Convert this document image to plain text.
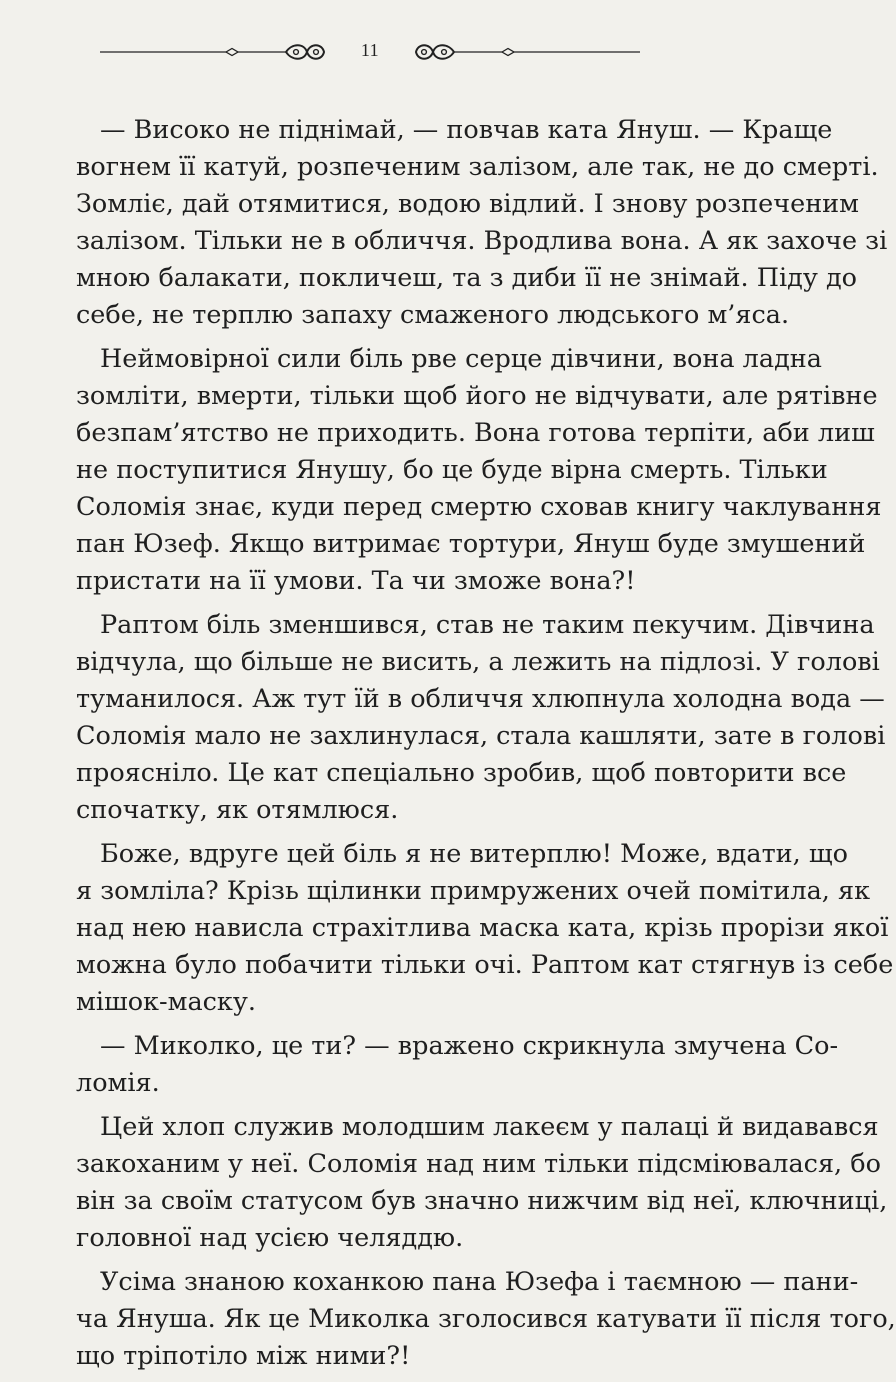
11
— Високо не піднімай, — повчав ката Януш. — Краще
вогнем її катуй, розпеченим залізом, але так, не до смерті.
Зомліє, дай отямитися, водою відлий. І знову розпеченим
залізом. Тільки не в обличчя. Вродлива вона. А як захоче зі
мною балакати, покличеш, та з диби її не знімай. Піду до
себе, не терплю запаху смаженого людського м’яса.
Неймовірної сили біль рве серце дівчини, вона ладна
зомліти, вмерти, тільки щоб його не відчувати, але рятівне
безпам’ятство не приходить. Вона готова терпіти, аби лиш
не поступитися Янушу, бо це буде вірна смерть. Тільки
Соломія знає, куди перед смертю сховав книгу чаклування
пан Юзеф. Якщо витримає тортури, Януш буде змушений
пристати на її умови. Та чи зможе вона?!
Раптом біль зменшився, став не таким пекучим. Дівчина
відчула, що більше не висить, а лежить на підлозі. У голові
туманилося. Аж тут їй в обличчя хлюпнула холодна вода —
Соломія мало не захлинулася, стала кашляти, зате в голові
прояснілo. Це кат спеціально зробив, щоб повторити все
спочатку, як отямлюся.
Боже, вдруге цей біль я не витерплю! Може, вдати, що
я зомліла? Крізь щілинки примружених очей помітила, як
над нею нависла страхітлива маска ката, крізь прорізи якої
можна було побачити тільки очі. Раптом кат стягнув із себе
мішок-маску.
— Миколко, це ти? — вражено скрикнула змучена Со-
ломія.
Цей хлоп служив молодшим лакеєм у палаці й видавався
закоханим у неї. Соломія над ним тільки підсміювалася, бо
він за своїм статусом був значно нижчим від неї, ключниці,
головної над усією челяддю.
Усіма знаною коханкою пана Юзефа і таємною — пани-
ча Януша. Як це Миколка зголосився катувати її після того,
що тріпотіло між ними?!
